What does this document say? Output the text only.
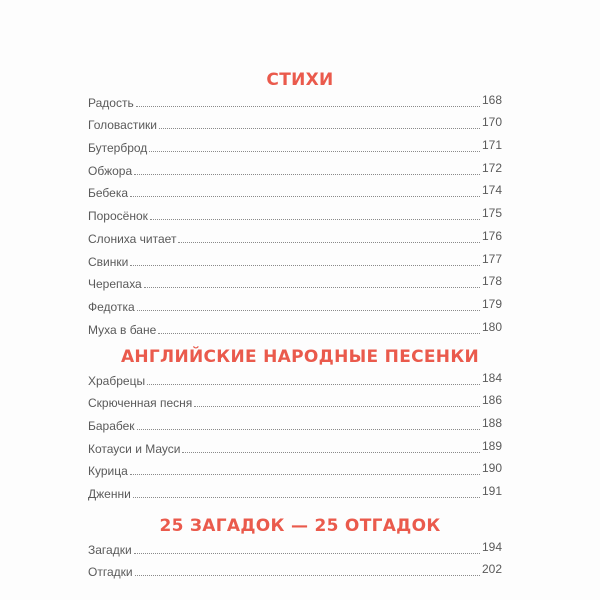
СТИХИ
Радость	168
Головастики	170
Бутерброд	171
Обжора	172
Бебека	174
Поросёнок	175
Слониха читает	176
Свинки	177
Черепаха	178
Федотка	179
Муха в бане	180
АНГЛИЙСКИЕ НАРОДНЫЕ ПЕСЕНКИ
Храбрецы	184
Скрюченная песня	186
Барабек	188
Котауси и Мауси	189
Курица	190
Дженни	191
25 ЗАГАДОК — 25 ОТГАДОК
Загадки	194
Отгадки	202
